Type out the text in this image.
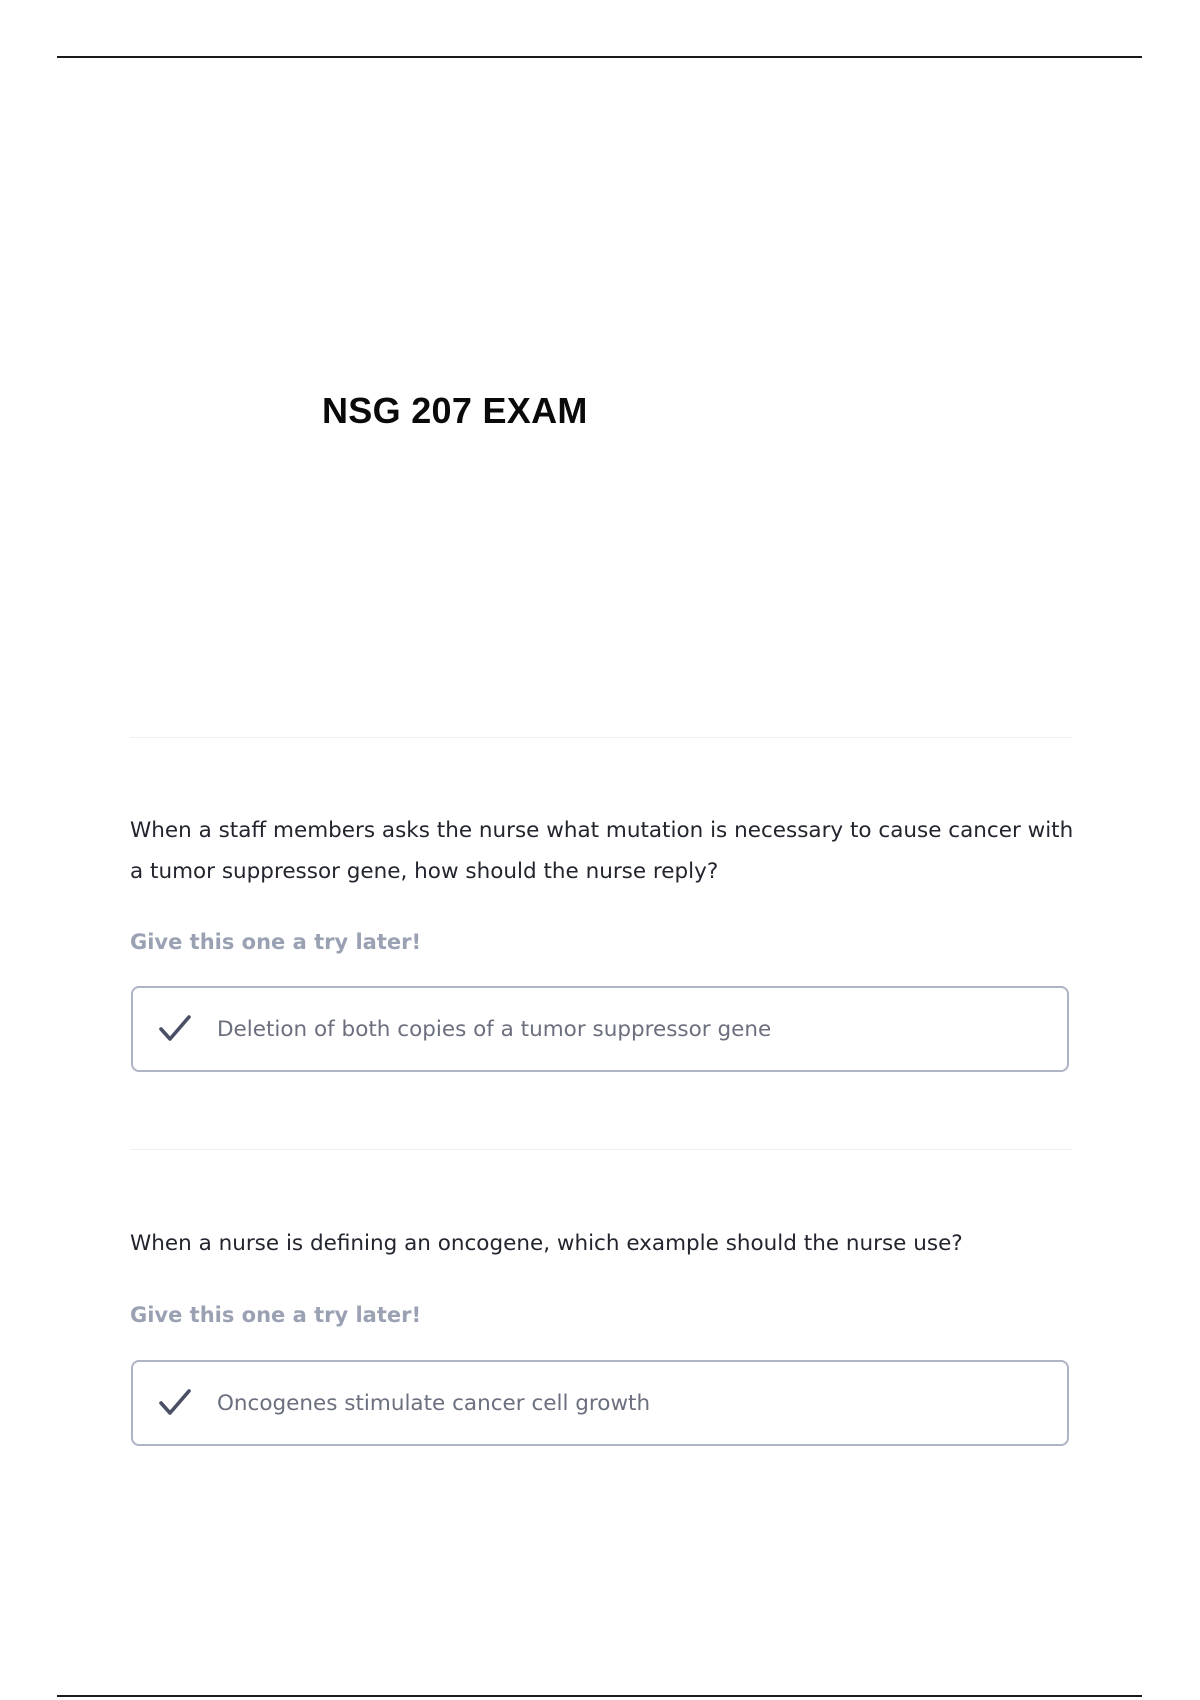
NSG 207 EXAM

When a staff members asks the nurse what mutation is necessary to cause cancer with a tumor suppressor gene, how should the nurse reply?

Give this one a try later!

Deletion of both copies of a tumor suppressor gene

When a nurse is defining an oncogene, which example should the nurse use?

Give this one a try later!

Oncogenes stimulate cancer cell growth
